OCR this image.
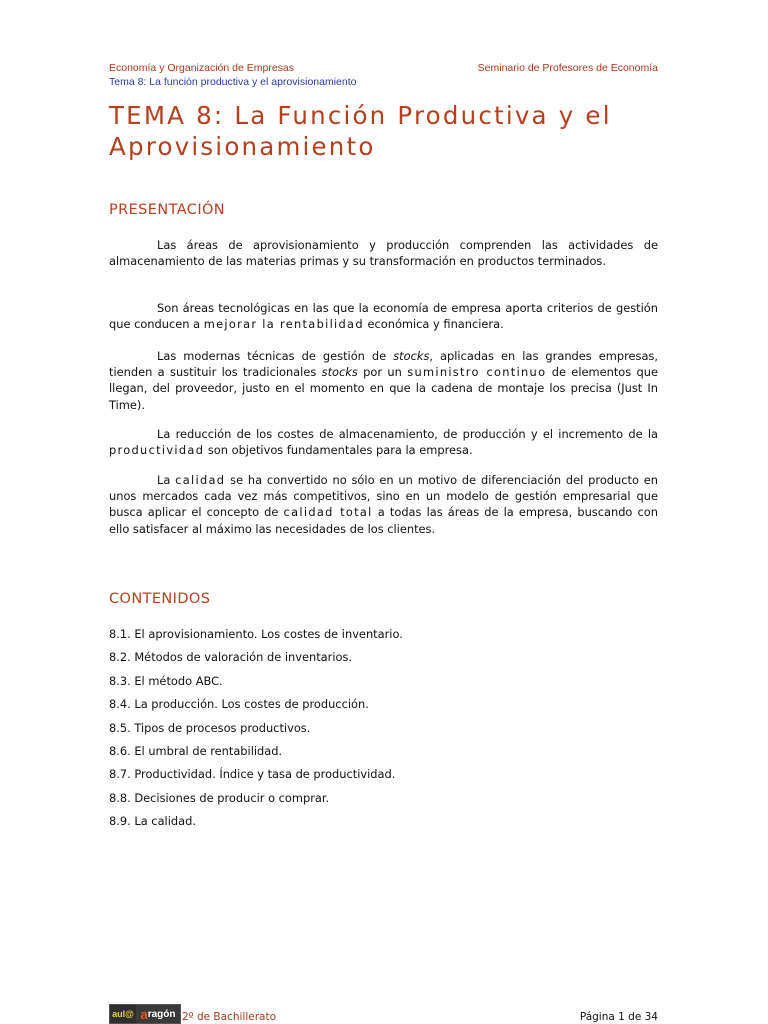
Economía y Organización de Empresas
Tema 8: La función productiva y el aprovisionamiento
Seminario de Profesores de Economía
TEMA 8: La Función Productiva y el
Aprovisionamiento
PRESENTACIÓN

Las áreas de aprovisionamiento y producción comprenden las actividades de almacenamiento de las materias primas y su transformación en productos terminados.

Son áreas tecnológicas en las que la economía de empresa aporta criterios de gestión que conducen a mejorar la rentabilidad económica y financiera.

Las modernas técnicas de gestión de stocks, aplicadas en las grandes empresas, tienden a sustituir los tradicionales stocks por un suministro continuo de elementos que llegan, del proveedor, justo en el momento en que la cadena de montaje los precisa (Just In Time).

La reducción de los costes de almacenamiento, de producción y el incremento de la productividad son objetivos fundamentales para la empresa.

La calidad se ha convertido no sólo en un motivo de diferenciación del producto en unos mercados cada vez más competitivos, sino en un modelo de gestión empresarial que busca aplicar el concepto de calidad total a todas las áreas de la empresa, buscando con ello satisfacer al máximo las necesidades de los clientes.

CONTENIDOS
8.1. El aprovisionamiento. Los costes de inventario.
8.2. Métodos de valoración de inventarios.
8.3. El método ABC.
8.4. La producción. Los costes de producción.
8.5. Tipos de procesos productivos.
8.6. El umbral de rentabilidad.
8.7. Productividad. Índice y tasa de productividad.
8.8. Decisiones de producir o comprar.
8.9. La calidad.
aul@ a ragón 2º de Bachillerato	Página 1 de 34
